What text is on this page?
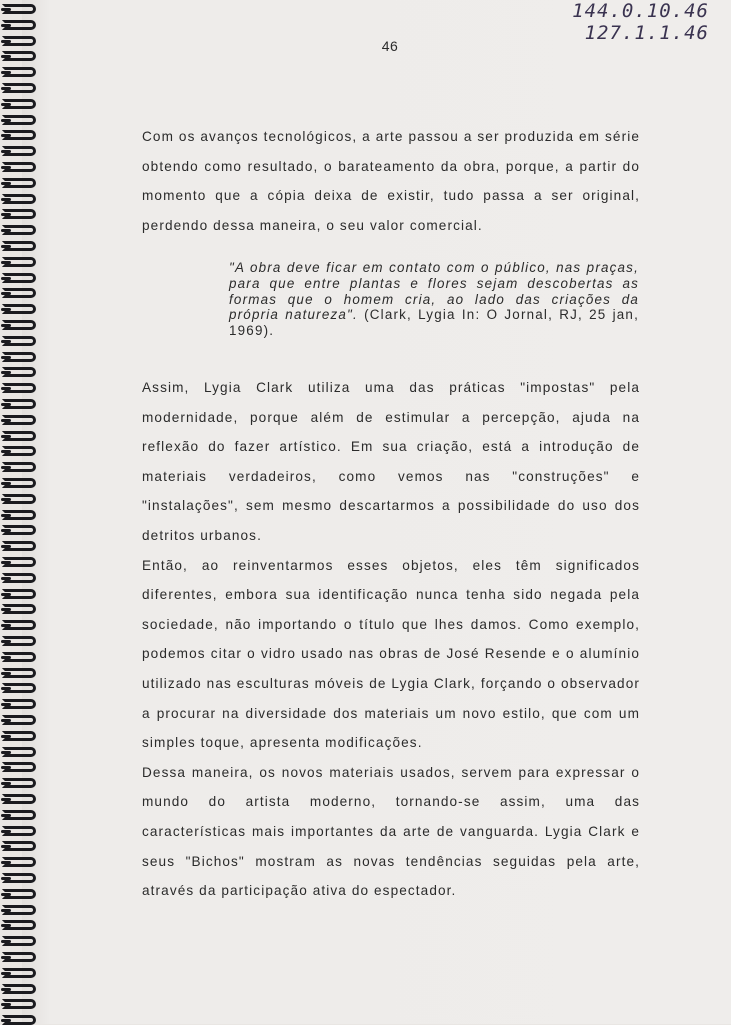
46
144.0.10.46
127.1.1.46

Com os avanços tecnológicos, a arte passou a ser produzida em série obtendo como resultado, o barateamento da obra, porque, a partir do momento que a cópia deixa de existir, tudo passa a ser original, perdendo dessa maneira, o seu valor comercial.

"A obra deve ficar em contato com o público, nas praças, para que entre plantas e flores sejam descobertas as formas que o homem cria, ao lado das criações da própria natureza". (Clark, Lygia In: O Jornal, RJ, 25 jan, 1969).

Assim, Lygia Clark utiliza uma das práticas "impostas" pela modernidade, porque além de estimular a percepção, ajuda na reflexão do fazer artístico. Em sua criação, está a introdução de materiais verdadeiros, como vemos nas "construções" e "instalações", sem mesmo descartarmos a possibilidade do uso dos detritos urbanos.

Então, ao reinventarmos esses objetos, eles têm significados diferentes, embora sua identificação nunca tenha sido negada pela sociedade, não importando o título que lhes damos. Como exemplo, podemos citar o vidro usado nas obras de José Resende e o alumínio utilizado nas esculturas móveis de Lygia Clark, forçando o observador a procurar na diversidade dos materiais um novo estilo, que com um simples toque, apresenta modificações.

Dessa maneira, os novos materiais usados, servem para expressar o mundo do artista moderno, tornando-se assim, uma das características mais importantes da arte de vanguarda. Lygia Clark e seus "Bichos" mostram as novas tendências seguidas pela arte, através da participação ativa do espectador.
